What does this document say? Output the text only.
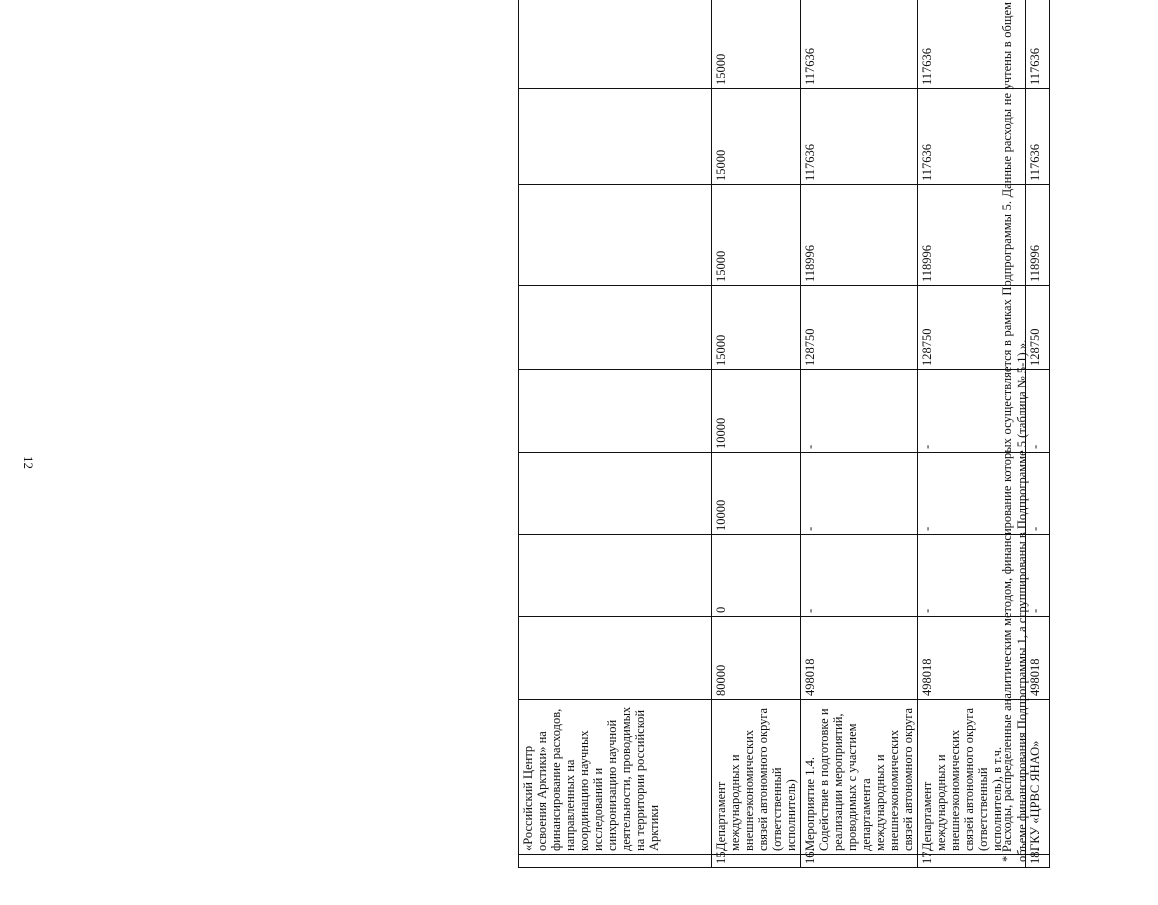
12
	«Российский Центр освоения Арктики» на финансирование расходов, направленных на координацию научных исследований и синхронизацию научной деятельности, проводимых на территории российской Арктики								
15.	Департамент международных и внешнеэкономических связей автономного округа (ответственный исполнитель)	80000	0	10000	10000	15000	15000	15000	15000
16.	Мероприятие 1.4. Содействие в подготовке и реализации мероприятий, проводимых с участием департамента международных и внешнеэкономических связей автономного округа	498018	-	-	-	128750	118996	117636	117636
17.	Департамент международных и внешнеэкономических связей автономного округа (ответственный исполнитель), в т.ч.	498018	-	-	-	128750	118996	117636	117636
18.	ГКУ «ЦРВС ЯНАО»	498018	-	-	-	128750	118996	117636	117636
* Расходы, распределенные аналитическим методом, финансирование которых осуществляется в рамках Подпрограммы 5. Данные расходы не учтены в общем объеме финансирования Подпрограммы 1, а сгруппированы в Подпрограмме 5 (таблица № 5-1).».
